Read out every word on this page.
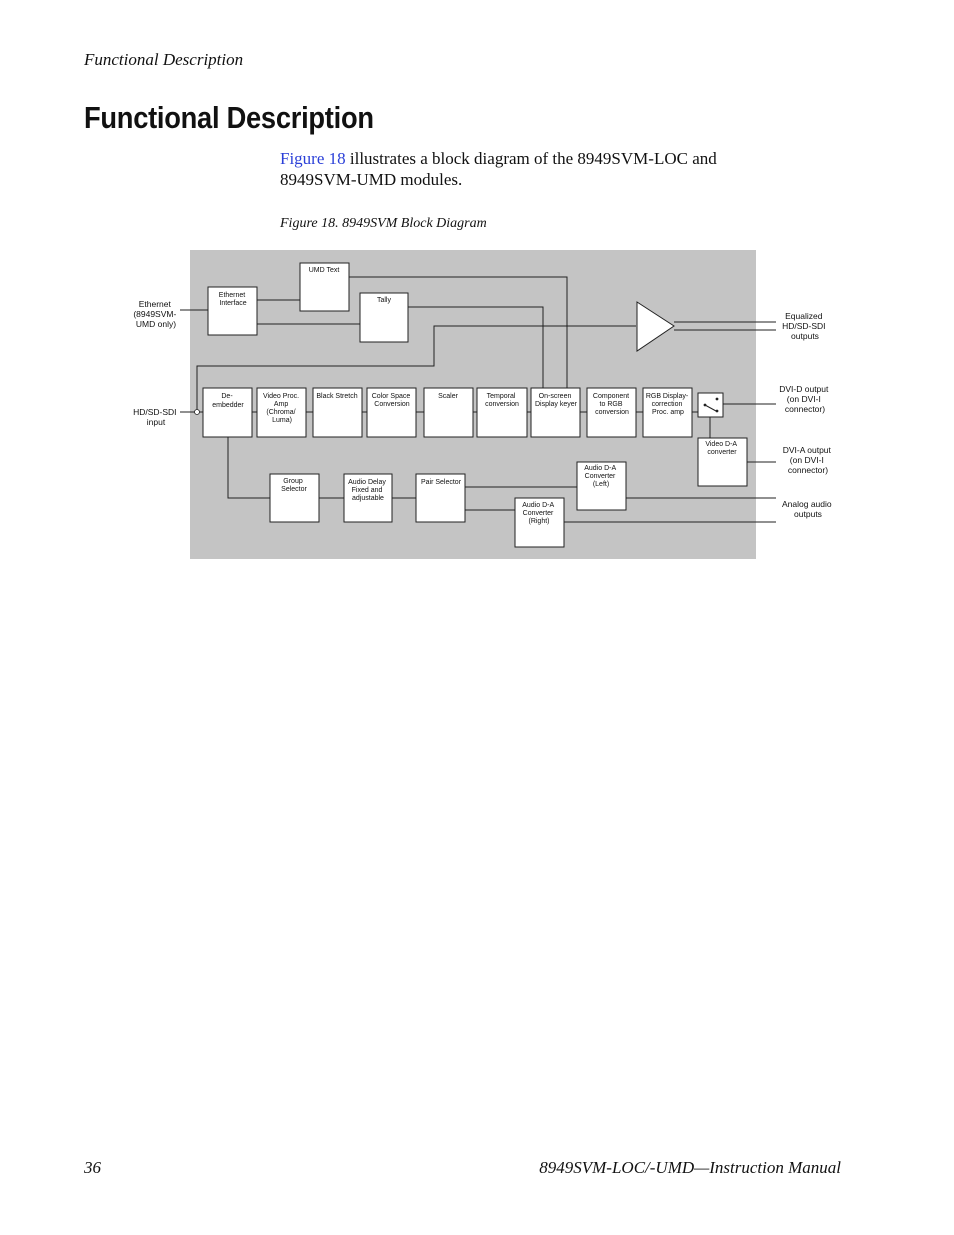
Functional Description
Functional Description

Figure 18 illustrates a block diagram of the 8949SVM-LOC and 8949SVM-UMD modules.

Figure 18. 8949SVM Block Diagram
Ethernet Interface
UMD Text
Tally
De- embedder
Video Proc. Amp (Chroma/ Luma)
Black Stretch Color Space Conversion
Scaler	Temporal conversion
On-screen Display keyer
Component to RGB conversion
RGB Display- correction Proc. amp
Video D-A converter
Group Selector
Audio Delay Fixed and adjustable
Pair Selector
Audio D-A Converter (Left)
Audio D-A Converter (Right)
Ethernet (8949SVM- UMD only)
HD/SD-SDI input
Equalized HD/SD-SDI outputs
DVI-D output (on DVI-I connector)
DVI-A output (on DVI-I connector)
Analog audio outputs
36	8949SVM-LOC/-UMD—Instruction Manual
